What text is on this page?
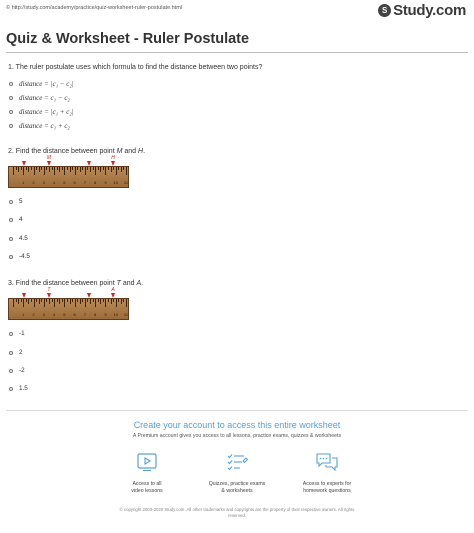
© http://study.com/academy/practice/quiz-worksheet-ruler-postulate.html	S Study.com
Quiz & Worksheet - Ruler Postulate
1. The ruler postulate uses which formula to find the distance between two points?
distance = |c₁ − c₂|
distance = c₁ − c₂
distance = |c₁ + c₂|
distance = c₁ + c₂
2. Find the distance between point M and H.
1 2 3 4 5 6 7 8 9 10 11
M	H
5
4
4.5
-4.5
3. Find the distance between point T and A.
1 2 3 4 5 6 7 8 9 10 11
T	A
-1
2
-2
1.5
Create your account to access this entire worksheet
A Premium account gives you access to all lessons, practice exams, quizzes & worksheets
Access to all
video lessons
Quizzes, practice exams
& worksheets
Access to experts for
homework questions
© copyright 2003-2020 Study.com. All other trademarks and copyrights are the property of their respective owners. All rights
reserved.
